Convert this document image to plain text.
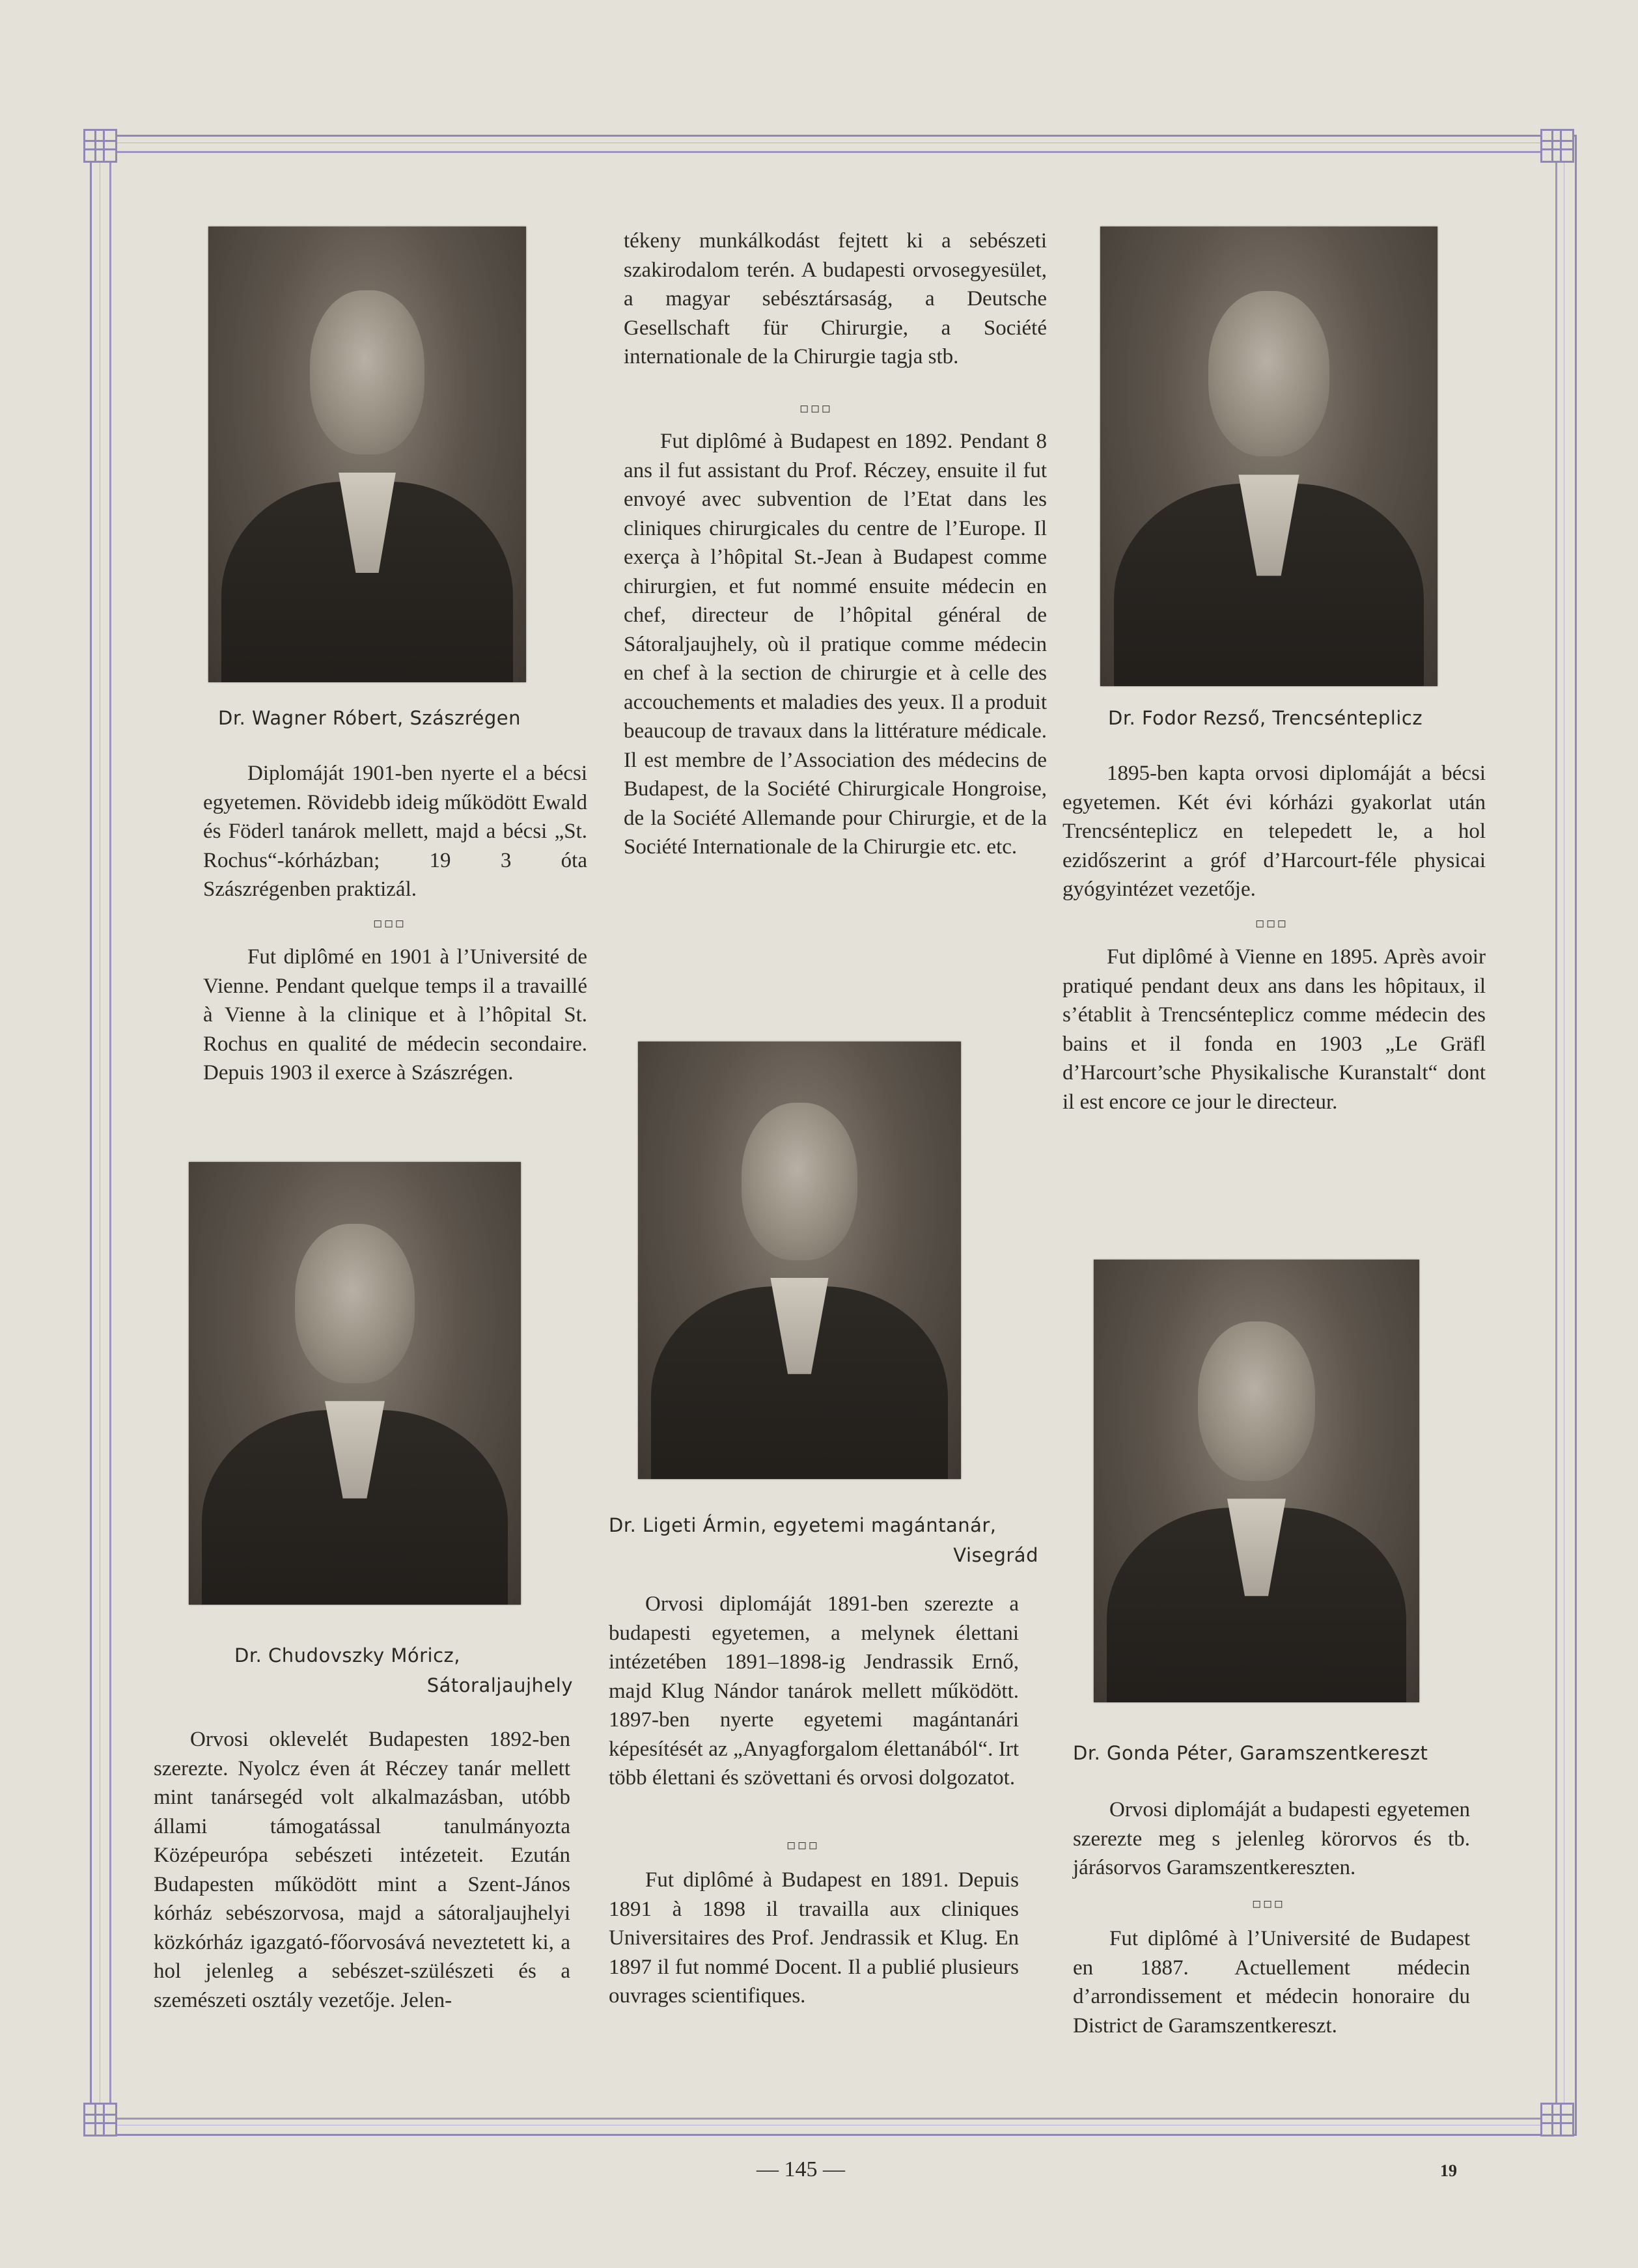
Dr. Wagner Róbert, Szászrégen

Diplomáját 1901-ben nyerte el a bécsi egyetemen. Rövidebb ideig működött Ewald és Föderl tanárok mellett, majd a bécsi „St. Rochus“-kórházban; 19 3 óta Szászrégenben praktizál.

□□□

Fut diplômé en 1901 à l’Université de Vienne. Pendant quelque temps il a travaillé à Vienne à la clinique et à l’hôpital St. Rochus en qualité de médecin secondaire. Depuis 1903 il exerce à Szászrégen.

Dr. Chudovszky Móricz,
Sátoraljaujhely

Orvosi oklevelét Budapesten 1892-ben szerezte. Nyolcz éven át Réczey tanár mellett mint tanársegéd volt alkalmazásban, utóbb állami támogatással tanulmányozta Középeurópa sebészeti intézeteit. Ezután Budapesten működött mint a Szent-János kórház sebészorvosa, majd a sátoraljaujhelyi közkórház igazgató-főorvosává neveztetett ki, a hol jelenleg a sebészet-szülészeti és a szemészeti osztály vezetője. Jelen-

tékeny munkálkodást fejtett ki a sebészeti szakirodalom terén. A budapesti orvosegyesület, a magyar sebésztársaság, a Deutsche Gesellschaft für Chirurgie, a Société internationale de la Chirurgie tagja stb.

□□□

Fut diplômé à Budapest en 1892. Pendant 8 ans il fut assistant du Prof. Réczey, ensuite il fut envoyé avec subvention de l’Etat dans les cliniques chirurgicales du centre de l’Europe. Il exerça à l’hôpital St.-Jean à Budapest comme chirurgien, et fut nommé ensuite médecin en chef, directeur de l’hôpital général de Sátoraljaujhely, où il pratique comme médecin en chef à la section de chirurgie et à celle des accouchements et maladies des yeux. Il a produit beaucoup de travaux dans la littérature médicale. Il est membre de l’Association des médecins de Budapest, de la Société Chirurgicale Hongroise, de la Société Allemande pour Chirurgie, et de la Société Internationale de la Chirurgie etc. etc.

Dr. Ligeti Ármin, egyetemi magántanár,
Visegrád

Orvosi diplomáját 1891-ben szerezte a budapesti egyetemen, a melynek élettani intézetében 1891–1898-ig Jendrassik Ernő, majd Klug Nándor tanárok mellett működött. 1897-ben nyerte egyetemi magántanári képesítését az „Anyagforgalom élettanából“. Irt több élettani és szövettani és orvosi dolgozatot.

□□□

Fut diplômé à Budapest en 1891. Depuis 1891 à 1898 il travailla aux cliniques Universitaires des Prof. Jendrassik et Klug. En 1897 il fut nommé Docent. Il a publié plusieurs ouvrages scientifiques.

Dr. Fodor Rezső, Trencsénteplicz

1895-ben kapta orvosi diplomáját a bécsi egyetemen. Két évi kórházi gyakorlat után Trencsénteplicz en telepedett le, a hol ezidőszerint a gróf d’Harcourt-féle physicai gyógyintézet vezetője.

□□□

Fut diplômé à Vienne en 1895. Après avoir pratiqué pendant deux ans dans les hôpitaux, il s’établit à Trencsénteplicz comme médecin des bains et il fonda en 1903 „Le Gräfl d’Harcourt’sche Physikalische Kuranstalt“ dont il est encore ce jour le directeur.

Dr. Gonda Péter, Garamszentkereszt

Orvosi diplomáját a budapesti egyetemen szerezte meg s jelenleg körorvos és tb. járásorvos Garamszentkereszten.

□□□

Fut diplômé à l’Université de Budapest en 1887. Actuellement médecin d’arrondissement et médecin honoraire du District de Garamszentkereszt.

— 145 —	19
